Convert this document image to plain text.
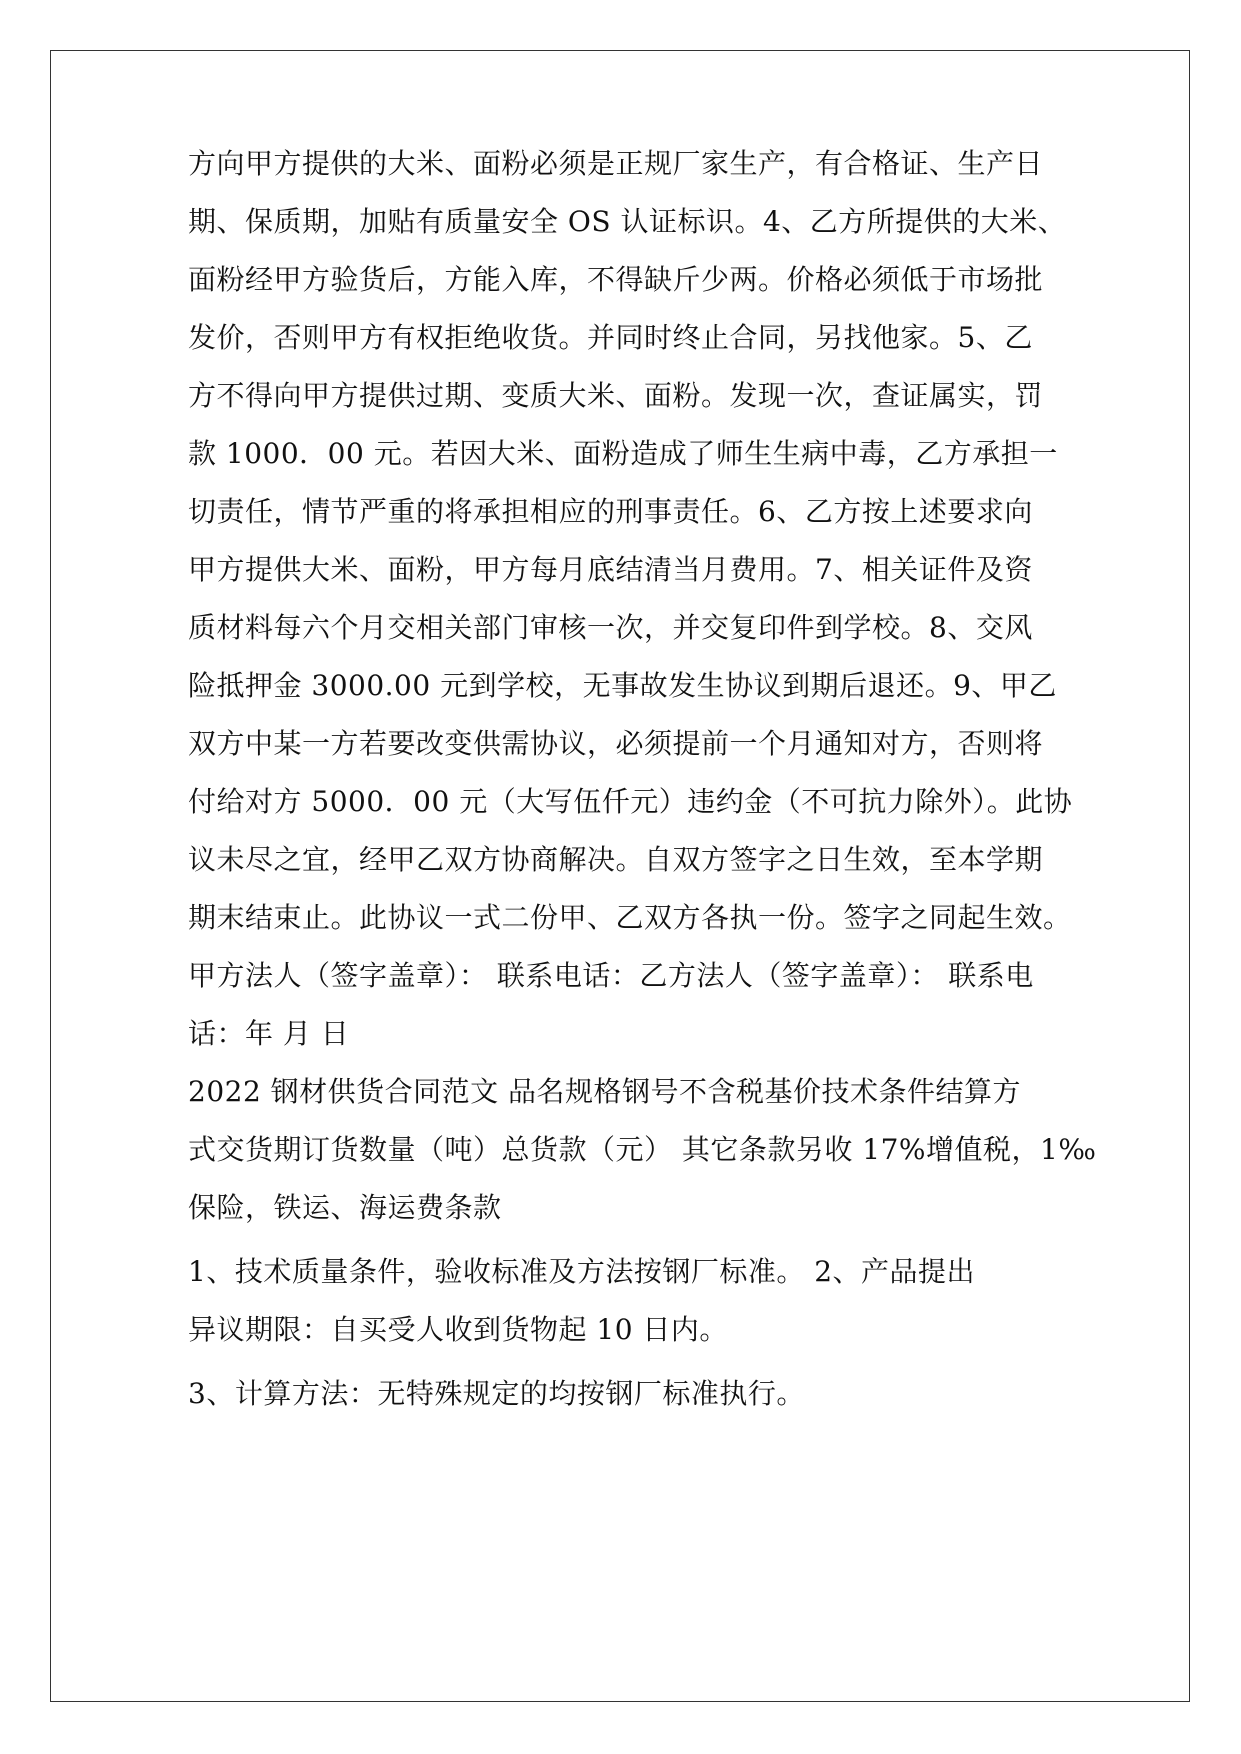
方向甲方提供的大米、面粉必须是正规厂家生产，有合格证、生产日
期、保质期，加贴有质量安全 OS 认证标识。4、乙方所提供的大米、
面粉经甲方验货后，方能入库，不得缺斤少两。价格必须低于市场批
发价，否则甲方有权拒绝收货。并同时终止合同，另找他家。5、乙
方不得向甲方提供过期、变质大米、面粉。发现一次，查证属实，罚
款 1000．00 元。若因大米、面粉造成了师生生病中毒，乙方承担一
切责任，情节严重的将承担相应的刑事责任。6、乙方按上述要求向
甲方提供大米、面粉，甲方每月底结清当月费用。7、相关证件及资
质材料每六个月交相关部门审核一次，并交复印件到学校。8、交风
险抵押金 3000.00 元到学校，无事故发生协议到期后退还。9、甲乙
双方中某一方若要改变供需协议，必须提前一个月通知对方，否则将
付给对方 5000．00 元（大写伍仟元）违约金（不可抗力除外）。此协
议未尽之宜，经甲乙双方协商解决。自双方签字之日生效，至本学期
期末结束止。此协议一式二份甲、乙双方各执一份。签字之同起生效。
甲方法人（签字盖章）： 联系电话：乙方法人（签字盖章）： 联系电
话：年 月 日
2022 钢材供货合同范文 品名规格钢号不含税基价技术条件结算方
式交货期订货数量（吨）总货款（元） 其它条款另收 17%增值税，1‰
保险，铁运、海运费条款
1、技术质量条件，验收标准及方法按钢厂标准。 2、产品提出
异议期限：自买受人收到货物起 10 日内。
3、计算方法：无特殊规定的均按钢厂标准执行。
